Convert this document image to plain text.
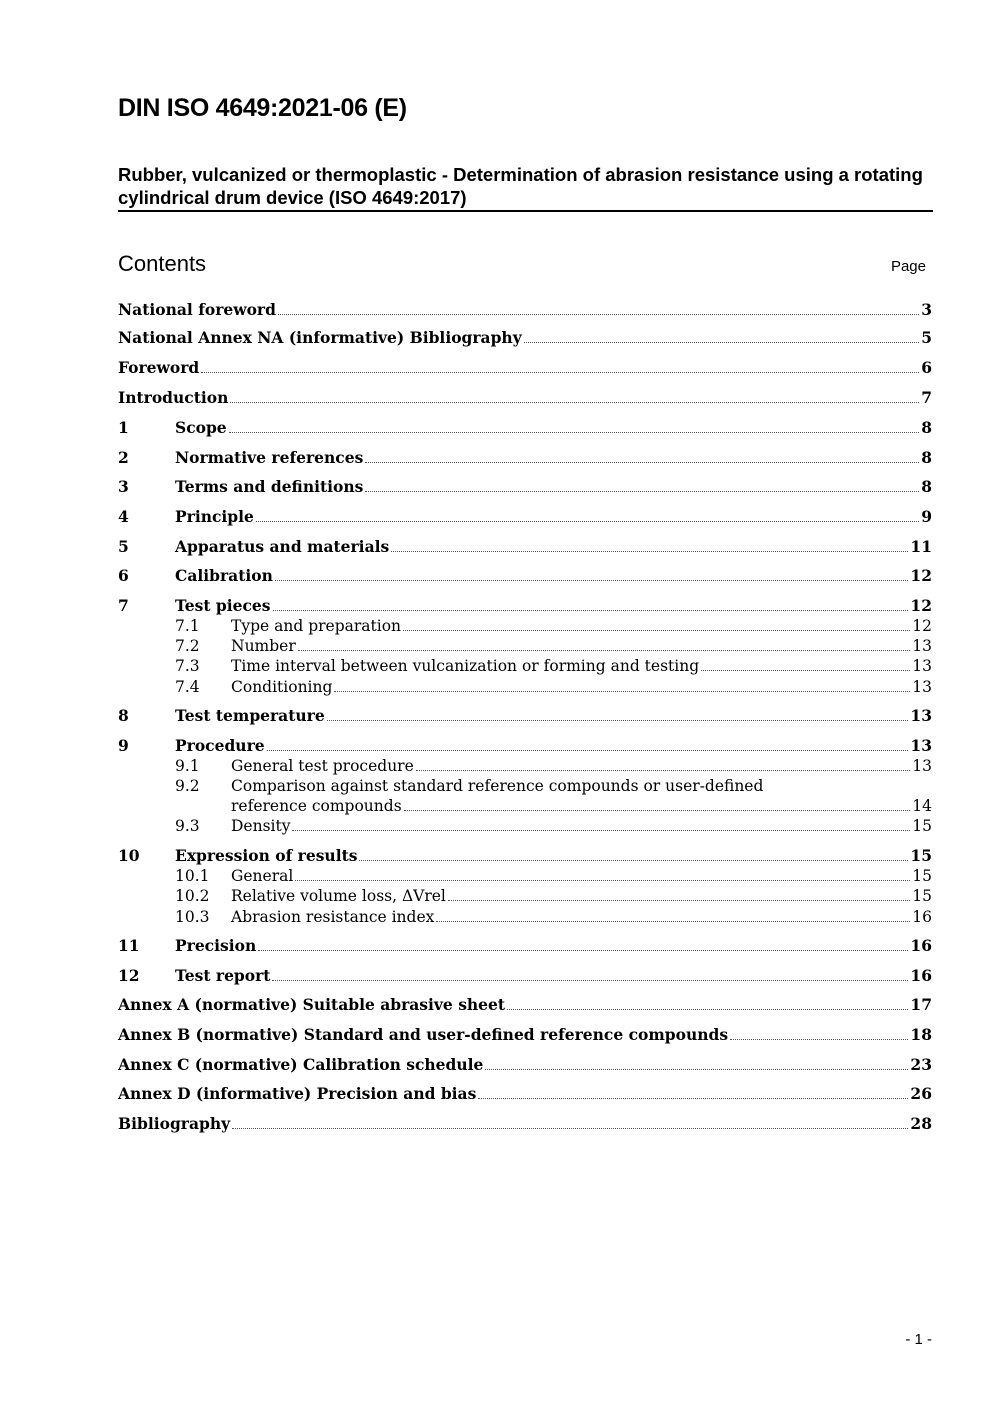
DIN ISO 4649:2021-06 (E)
Rubber, vulcanized or thermoplastic - Determination of abrasion resistance using a rotating cylindrical drum device (ISO 4649:2017)
Contents	Page
National foreword	3
National Annex NA (informative) Bibliography	5
Foreword	6
Introduction	7
1	Scope	8
2	Normative references	8
3	Terms and definitions	8
4	Principle	9
5	Apparatus and materials	11
6	Calibration	12
7	Test pieces	12
7.1	Type and preparation	12
7.2	Number	13
7.3	Time interval between vulcanization or forming and testing	13
7.4	Conditioning	13
8	Test temperature	13
9	Procedure	13
9.1	General test procedure	13
9.2	Comparison against standard reference compounds or user-defined
reference compounds	14
9.3	Density	15
10	Expression of results	15
10.1	General	15
10.2	Relative volume loss, ΔVrel	15
10.3	Abrasion resistance index	16
11	Precision	16
12	Test report	16
Annex A (normative) Suitable abrasive sheet	17
Annex B (normative) Standard and user-defined reference compounds	18
Annex C (normative) Calibration schedule	23
Annex D (informative) Precision and bias	26
Bibliography	28
- 1 -
